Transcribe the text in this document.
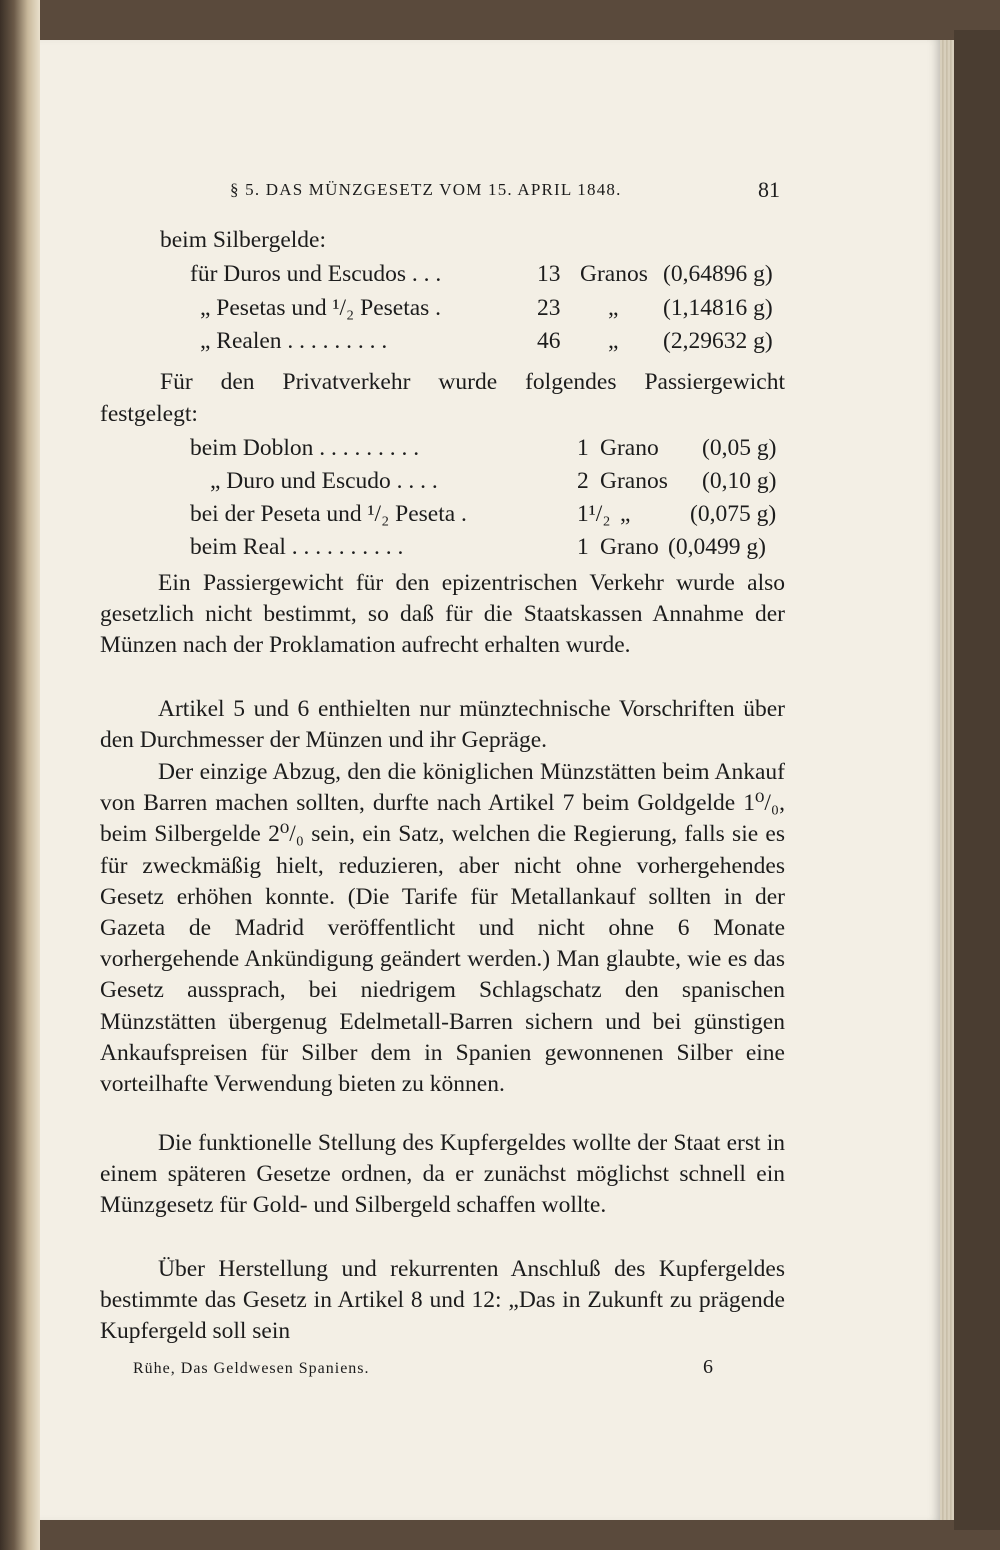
§ 5. DAS MÜNZGESETZ VOM 15. APRIL 1848.	81
beim Silbergelde:
für Duros und Escudos . . .	13 Granos (0,64896 g)
„ Pesetas und ¹/₂ Pesetas .	23 „ (1,14816 g)
„ Realen . . . . . . . . .	46 „ (2,29632 g)
Für den Privatverkehr wurde folgendes Passiergewicht
festgelegt:
beim Doblon . . . . . . . . .	1 Grano (0,05 g)
„ Duro und Escudo . . . .	2 Granos (0,10 g)
bei der Peseta und ¹/₂ Peseta .	1¹/₂ „	(0,075 g)
beim Real . . . . . . . . . .	1 Grano (0,0499 g)
Ein Passiergewicht für den epizentrischen Verkehr wurde also gesetzlich nicht bestimmt, so daß für die Staatskassen Annahme der Münzen nach der Proklamation aufrecht erhalten wurde.
Artikel 5 und 6 enthielten nur münztechnische Vorschriften über den Durchmesser der Münzen und ihr Gepräge.
Der einzige Abzug, den die königlichen Münzstätten beim Ankauf von Barren machen sollten, durfte nach Artikel 7 beim Goldgelde 1⁰/₀, beim Silbergelde 2⁰/₀ sein, ein Satz, welchen die Regierung, falls sie es für zweckmäßig hielt, reduzieren, aber nicht ohne vorhergehendes Gesetz erhöhen konnte. (Die Tarife für Metallankauf sollten in der Gazeta de Madrid veröffentlicht und nicht ohne 6 Monate vorhergehende Ankündigung geändert werden.) Man glaubte, wie es das Gesetz aussprach, bei niedrigem Schlagschatz den spanischen Münzstätten übergenug Edelmetall-Barren sichern und bei günstigen Ankaufspreisen für Silber dem in Spanien gewonnenen Silber eine vorteilhafte Verwendung bieten zu können.
Die funktionelle Stellung des Kupfergeldes wollte der Staat erst in einem späteren Gesetze ordnen, da er zunächst möglichst schnell ein Münzgesetz für Gold- und Silbergeld schaffen wollte.
Über Herstellung und rekurrenten Anschluß des Kupfergeldes bestimmte das Gesetz in Artikel 8 und 12: „Das in Zukunft zu prägende Kupfergeld soll sein
Rühe, Das Geldwesen Spaniens.	6
